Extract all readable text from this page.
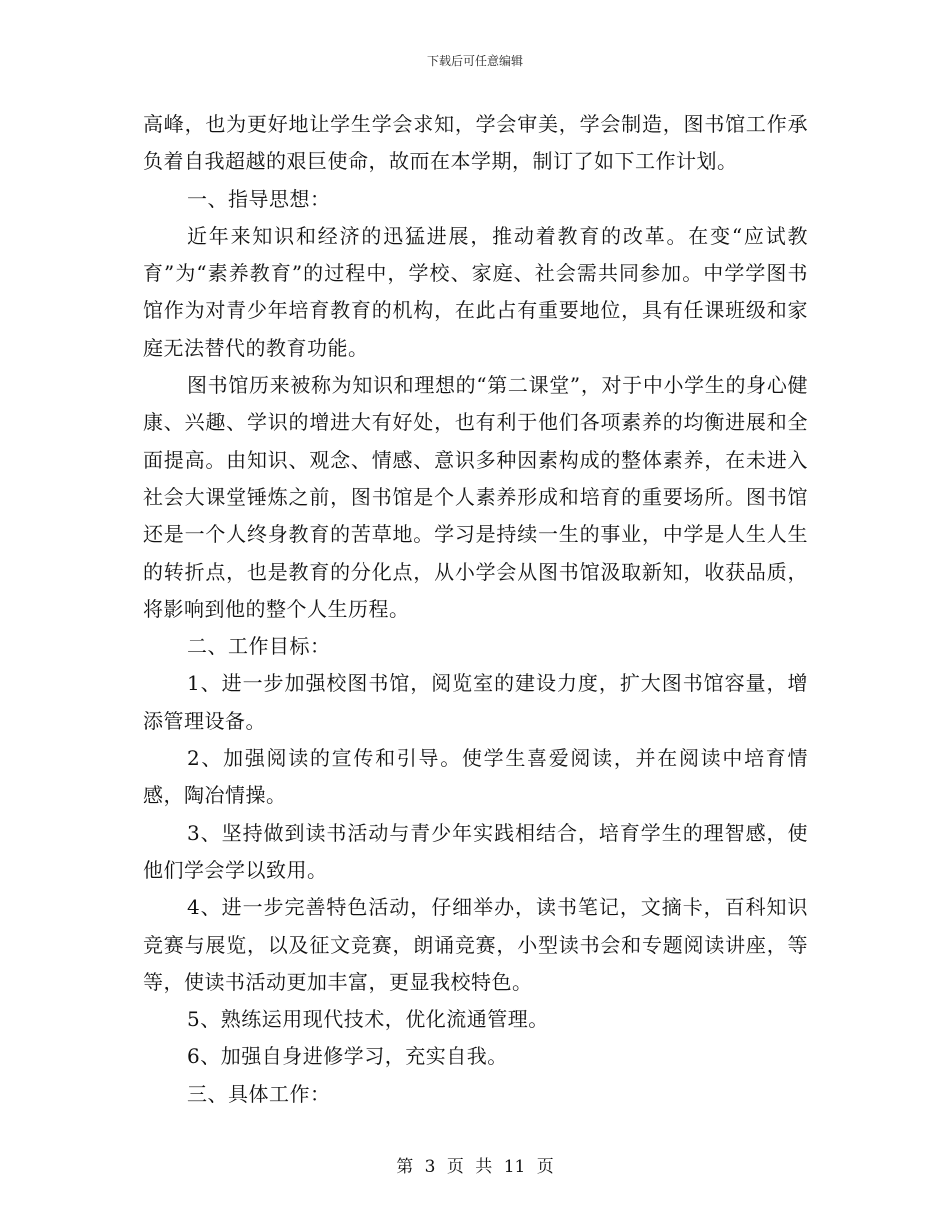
下载后可任意编辑

高峰，也为更好地让学生学会求知，学会审美，学会制造，图书馆工作承负着自我超越的艰巨使命，故而在本学期，制订了如下工作计划。

一、指导思想：

近年来知识和经济的迅猛进展，推动着教育的改革。在变“应试教育”为“素养教育”的过程中，学校、家庭、社会需共同参加。中学学图书馆作为对青少年培育教育的机构，在此占有重要地位，具有任课班级和家庭无法替代的教育功能。

图书馆历来被称为知识和理想的“第二课堂”，对于中小学生的身心健康、兴趣、学识的增进大有好处，也有利于他们各项素养的均衡进展和全面提高。由知识、观念、情感、意识多种因素构成的整体素养，在未进入社会大课堂锤炼之前，图书馆是个人素养形成和培育的重要场所。图书馆还是一个人终身教育的苦草地。学习是持续一生的事业，中学是人生人生的转折点，也是教育的分化点，从小学会从图书馆汲取新知，收获品质，将影响到他的整个人生历程。

二、工作目标：

1、进一步加强校图书馆，阅览室的建设力度，扩大图书馆容量，增添管理设备。

2、加强阅读的宣传和引导。使学生喜爱阅读，并在阅读中培育情感，陶冶情操。

3、坚持做到读书活动与青少年实践相结合，培育学生的理智感，使他们学会学以致用。

4、进一步完善特色活动，仔细举办，读书笔记，文摘卡，百科知识竞赛与展览，以及征文竞赛，朗诵竞赛，小型读书会和专题阅读讲座，等等，使读书活动更加丰富，更显我校特色。

5、熟练运用现代技术，优化流通管理。

6、加强自身进修学习，充实自我。

三、具体工作：

第 3 页 共 11 页
